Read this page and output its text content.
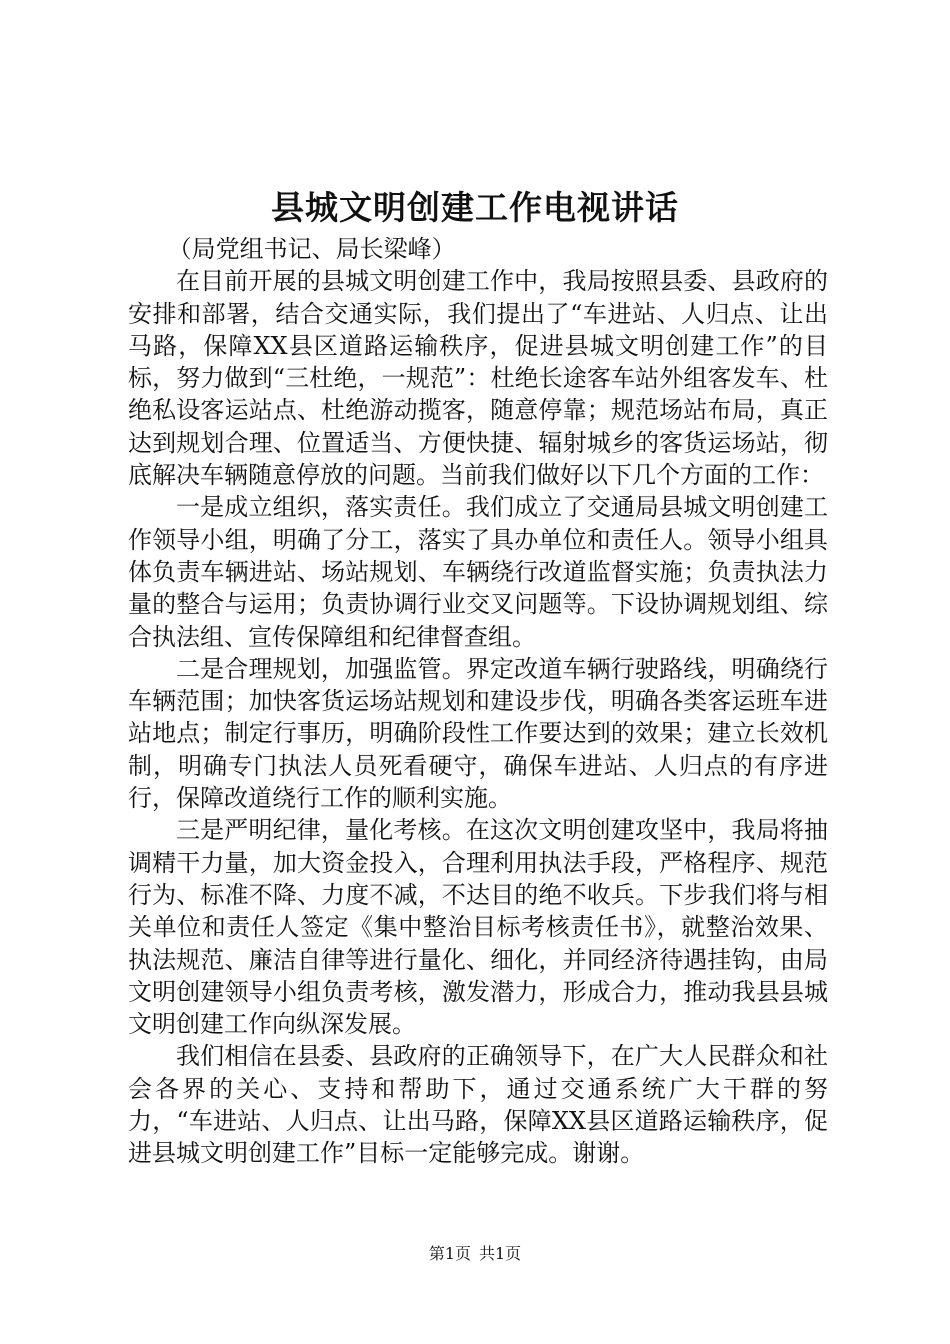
县城文明创建工作电视讲话

（局党组书记、局长梁峰）

在目前开展的县城文明创建工作中，我局按照县委、县政府的安排和部署，结合交通实际，我们提出了“车进站、人归点、让出马路，保障XX县区道路运输秩序，促进县城文明创建工作”的目标，努力做到“三杜绝，一规范”：杜绝长途客车站外组客发车、杜绝私设客运站点、杜绝游动揽客，随意停靠；规范场站布局，真正达到规划合理、位置适当、方便快捷、辐射城乡的客货运场站，彻底解决车辆随意停放的问题。当前我们做好以下几个方面的工作：

一是成立组织，落实责任。我们成立了交通局县城文明创建工作领导小组，明确了分工，落实了具办单位和责任人。领导小组具体负责车辆进站、场站规划、车辆绕行改道监督实施；负责执法力量的整合与运用；负责协调行业交叉问题等。下设协调规划组、综合执法组、宣传保障组和纪律督查组。

二是合理规划，加强监管。界定改道车辆行驶路线，明确绕行车辆范围；加快客货运场站规划和建设步伐，明确各类客运班车进站地点；制定行事历，明确阶段性工作要达到的效果；建立长效机制，明确专门执法人员死看硬守，确保车进站、人归点的有序进行，保障改道绕行工作的顺利实施。

三是严明纪律，量化考核。在这次文明创建攻坚中，我局将抽调精干力量，加大资金投入，合理利用执法手段，严格程序、规范行为、标准不降、力度不减，不达目的绝不收兵。下步我们将与相关单位和责任人签定《集中整治目标考核责任书》，就整治效果、执法规范、廉洁自律等进行量化、细化，并同经济待遇挂钩，由局文明创建领导小组负责考核，激发潜力，形成合力，推动我县县城文明创建工作向纵深发展。

我们相信在县委、县政府的正确领导下，在广大人民群众和社会各界的关心、支持和帮助下，通过交通系统广大干群的努力，“车进站、人归点、让出马路，保障XX县区道路运输秩序，促进县城文明创建工作”目标一定能够完成。谢谢。

第1页 共1页
